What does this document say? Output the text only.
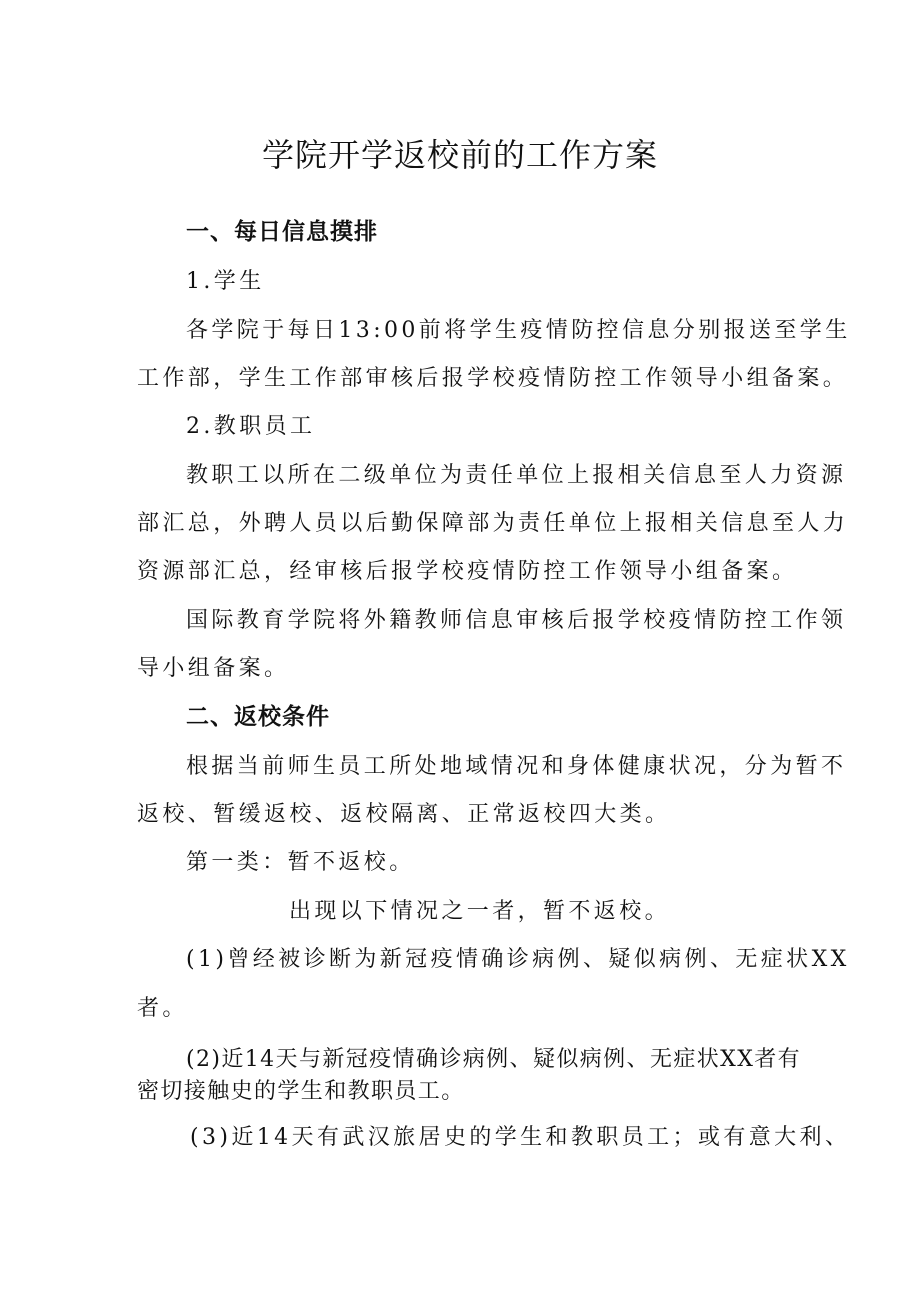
学院开学返校前的工作方案
一、每日信息摸排
1.学生
各学院于每日13:00前将学生疫情防控信息分别报送至学生
工作部，学生工作部审核后报学校疫情防控工作领导小组备案。
2.教职员工
教职工以所在二级单位为责任单位上报相关信息至人力资源
部汇总，外聘人员以后勤保障部为责任单位上报相关信息至人力
资源部汇总，经审核后报学校疫情防控工作领导小组备案。
国际教育学院将外籍教师信息审核后报学校疫情防控工作领
导小组备案。
二、返校条件
根据当前师生员工所处地域情况和身体健康状况，分为暂不
返校、暂缓返校、返校隔离、正常返校四大类。
第一类：暂不返校。
出现以下情况之一者，暂不返校。
(1)曾经被诊断为新冠疫情确诊病例、疑似病例、无症状XX
者。
(2)近14天与新冠疫情确诊病例、疑似病例、无症状XX者有
密切接触史的学生和教职员工。
(3)近14天有武汉旅居史的学生和教职员工；或有意大利、
